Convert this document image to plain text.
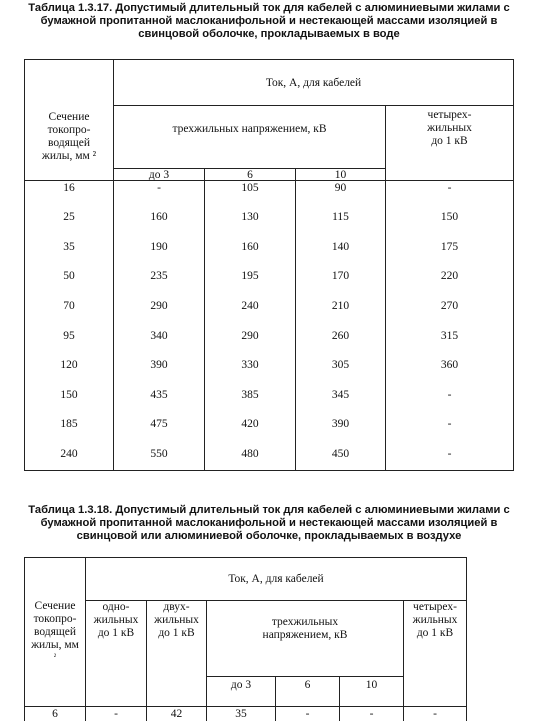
Таблица 1.3.17. Допустимый длительный ток для кабелей с алюминиевыми жилами с
бумажной пропитанной маслоканифольной и нестекающей массами изоляцией в
свинцовой оболочке, прокладываемых в воде
Сечение
токопро-
водящей
жилы, мм ²
Ток, А, для кабелей
трехжильных напряжением, кВ
четырех-
жильных
до 1 кВ
до 3	6	10
16	-	105	90	-
25	160	130	115	150
35	190	160	140	175
50	235	195	170	220
70	290	240	210	270
95	340	290	260	315
120	390	330	305	360
150	435	385	345	-
185	475	420	390	-
240	550	480	450	-
Таблица 1.3.18. Допустимый длительный ток для кабелей с алюминиевыми жилами с
бумажной пропитанной маслоканифольной и нестекающей массами изоляцией в
свинцовой или алюминиевой оболочке, прокладываемых в воздухе
Сечение
токопро-
водящей
жилы, мм
²
Ток, А, для кабелей
одно-
жильных
до 1 кВ
двух-
жильных
до 1 кВ
трехжильных
напряжением, кВ
четырех-
жильных
до 1 кВ
до 3	6	10
6	-	42	35	-	-	-
